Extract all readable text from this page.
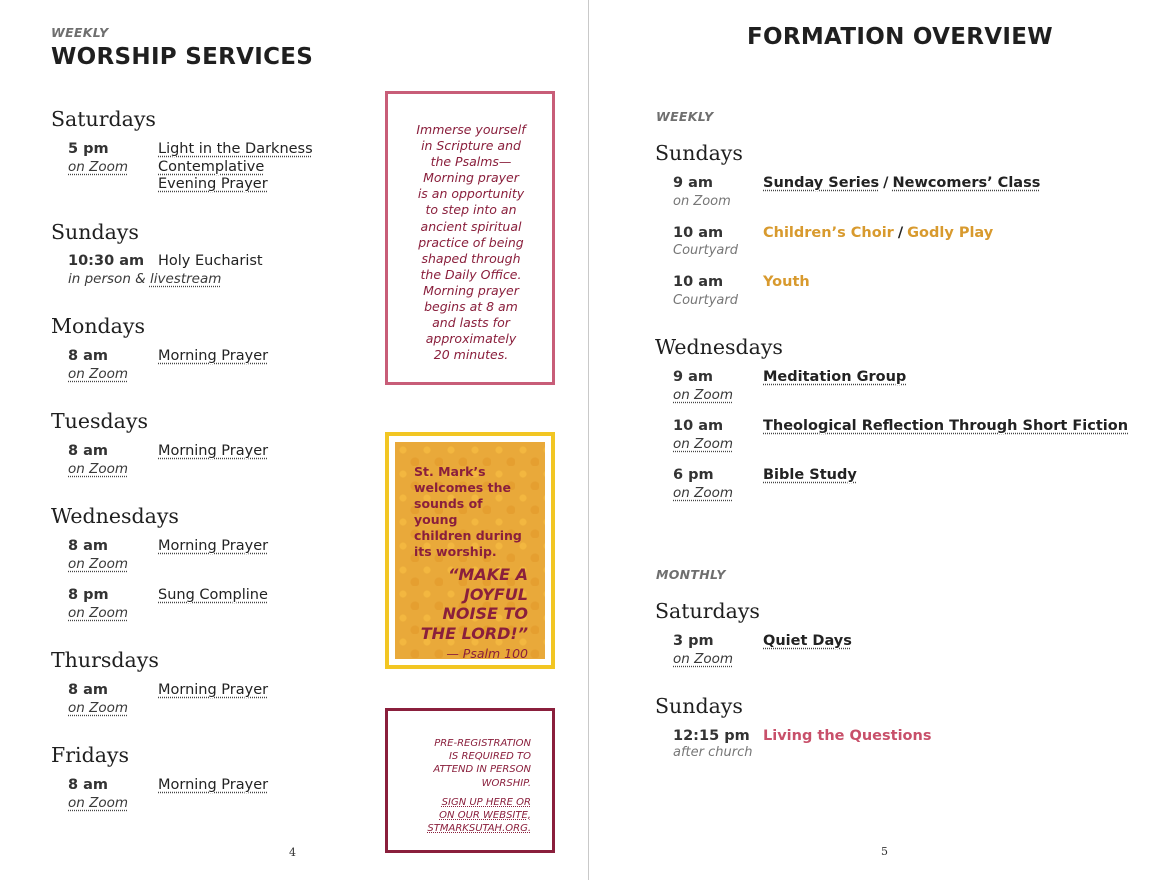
WEEKLY
WORSHIP SERVICES
Saturdays
5 pm
on Zoom
Light in the Darkness
Contemplative
Evening Prayer
Sundays
10:30 am
in person & livestream
Holy Eucharist
Mondays
8 am
on Zoom
Morning Prayer
Tuesdays
8 am
on Zoom
Morning Prayer
Wednesdays
8 am
on Zoom
Morning Prayer
8 pm
on Zoom
Sung Compline
Thursdays
8 am
on Zoom
Morning Prayer
Fridays
8 am
on Zoom
Morning Prayer
Immerse yourself
in Scripture and
the Psalms—
Morning prayer
is an opportunity
to step into an
ancient spiritual
practice of being
shaped through
the Daily Office.
Morning prayer
begins at 8 am
and lasts for
approximately
20 minutes.
St. Mark’s
welcomes the
sounds of young
children during
its worship.
“MAKE A
JOYFUL
NOISE TO
THE LORD!”
— Psalm 100
PRE-REGISTRATION
IS REQUIRED TO
ATTEND IN PERSON
WORSHIP.
SIGN UP HERE OR
ON OUR WEBSITE,
STMARKSUTAH.ORG.
4
FORMATION OVERVIEW
WEEKLY
Sundays
9 am
on Zoom
Sunday Series / Newcomers’ Class
10 am
Courtyard
Children’s Choir / Godly Play
10 am
Courtyard
Youth
Wednesdays
9 am
on Zoom
Meditation Group
10 am
on Zoom
Theological Reflection Through Short Fiction
6 pm
on Zoom
Bible Study
MONTHLY
Saturdays
3 pm
on Zoom
Quiet Days
Sundays
12:15 pm
after church
Living the Questions
5
